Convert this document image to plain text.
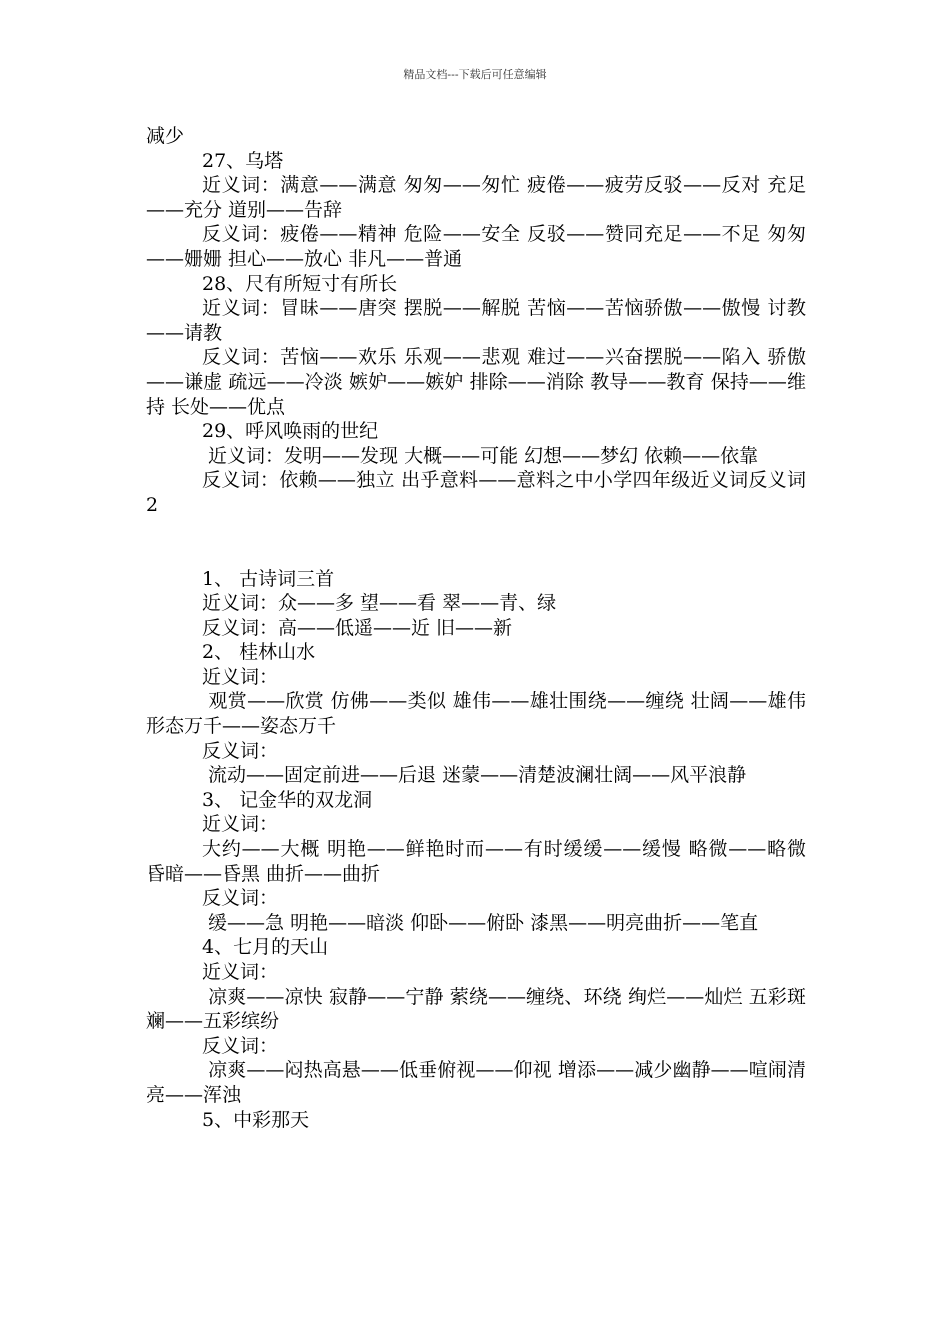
精品文档---下载后可任意编辑

减少

27、乌塔

近义词：满意——满意 匆匆——匆忙 疲倦——疲劳反驳——反对 充足——充分 道别——告辞

反义词：疲倦——精神 危险——安全 反驳——赞同充足——不足 匆匆——姗姗 担心——放心 非凡——普通

28、尺有所短寸有所长

近义词：冒昧——唐突 摆脱——解脱 苦恼——苦恼骄傲——傲慢 讨教——请教

反义词：苦恼——欢乐 乐观——悲观 难过——兴奋摆脱——陷入 骄傲——谦虚 疏远——冷淡 嫉妒——嫉妒 排除——消除 教导——教育 保持——维持 长处——优点

29、呼风唤雨的世纪

近义词：发明——发现 大概——可能 幻想——梦幻 依赖——依靠

反义词：依赖——独立 出乎意料——意料之中小学四年级近义词反义词2

1、 古诗词三首

近义词：众——多 望——看 翠——青、绿

反义词：高——低遥——近 旧——新

2、 桂林山水

近义词：

观赏——欣赏 仿佛——类似 雄伟——雄壮围绕——缠绕 壮阔——雄伟 形态万千——姿态万千

反义词：

流动——固定前进——后退 迷蒙——清楚波澜壮阔——风平浪静

3、 记金华的双龙洞

近义词：

大约——大概 明艳——鲜艳时而——有时缓缓——缓慢 略微——略微 昏暗——昏黑 曲折——曲折

反义词：

缓——急 明艳——暗淡 仰卧——俯卧 漆黑——明亮曲折——笔直

4、七月的天山

近义词：

凉爽——凉快 寂静——宁静 萦绕——缠绕、环绕 绚烂——灿烂 五彩斑斓——五彩缤纷

反义词：

凉爽——闷热高悬——低垂俯视——仰视 增添——减少幽静——喧闹清亮——浑浊

5、中彩那天
